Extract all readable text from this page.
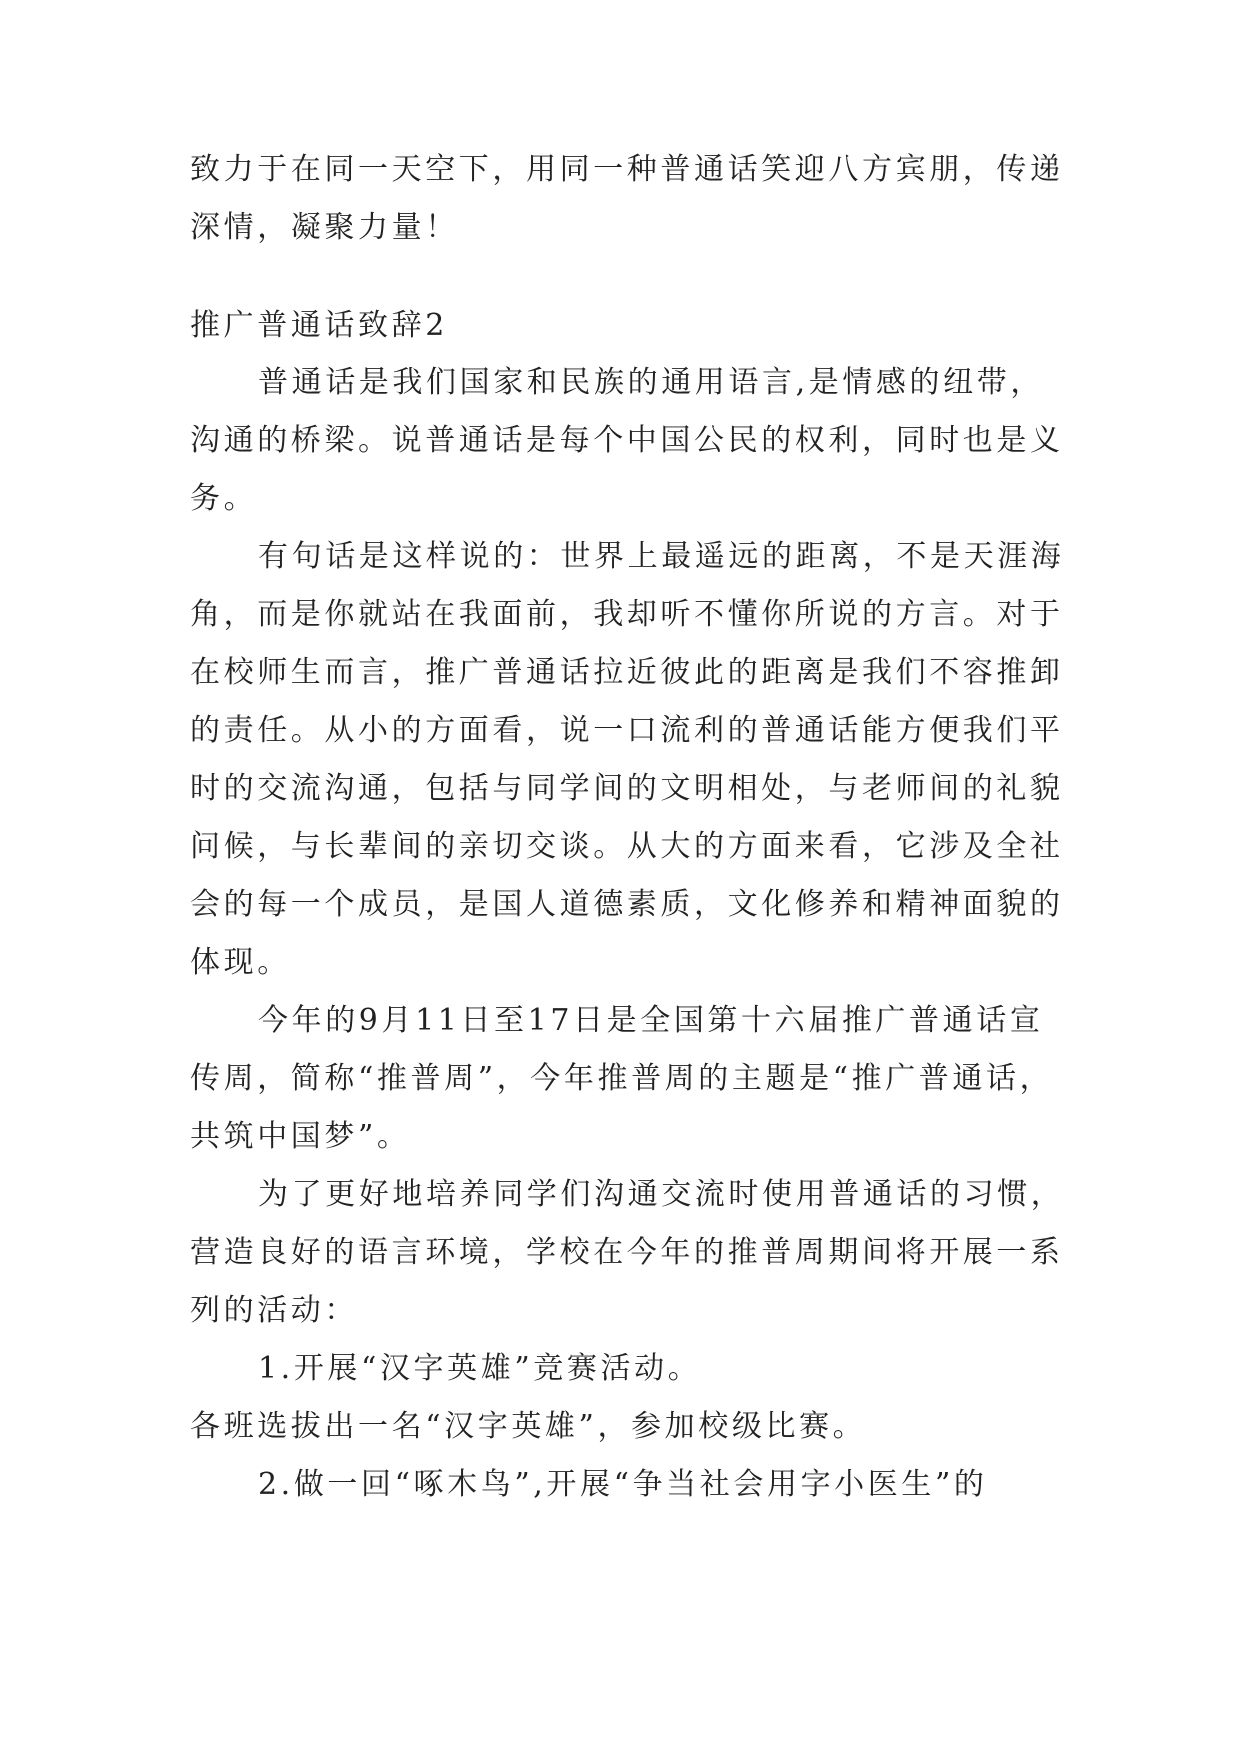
致力于在同一天空下，用同一种普通话笑迎八方宾朋，传递
深情，凝聚力量！
推广普通话致辞2
普通话是我们国家和民族的通用语言,是情感的纽带，
沟通的桥梁。说普通话是每个中国公民的权利，同时也是义
务。
有句话是这样说的：世界上最遥远的距离，不是天涯海
角，而是你就站在我面前，我却听不懂你所说的方言。对于
在校师生而言，推广普通话拉近彼此的距离是我们不容推卸
的责任。从小的方面看，说一口流利的普通话能方便我们平
时的交流沟通，包括与同学间的文明相处，与老师间的礼貌
问候，与长辈间的亲切交谈。从大的方面来看，它涉及全社
会的每一个成员，是国人道德素质，文化修养和精神面貌的
体现。
今年的9月11日至17日是全国第十六届推广普通话宣
传周，简称“推普周”，今年推普周的主题是“推广普通话，
共筑中国梦”。
为了更好地培养同学们沟通交流时使用普通话的习惯，
营造良好的语言环境，学校在今年的推普周期间将开展一系
列的活动：
1.开展“汉字英雄”竞赛活动。
各班选拔出一名“汉字英雄”，参加校级比赛。
2.做一回“啄木鸟”,开展“争当社会用字小医生”的
